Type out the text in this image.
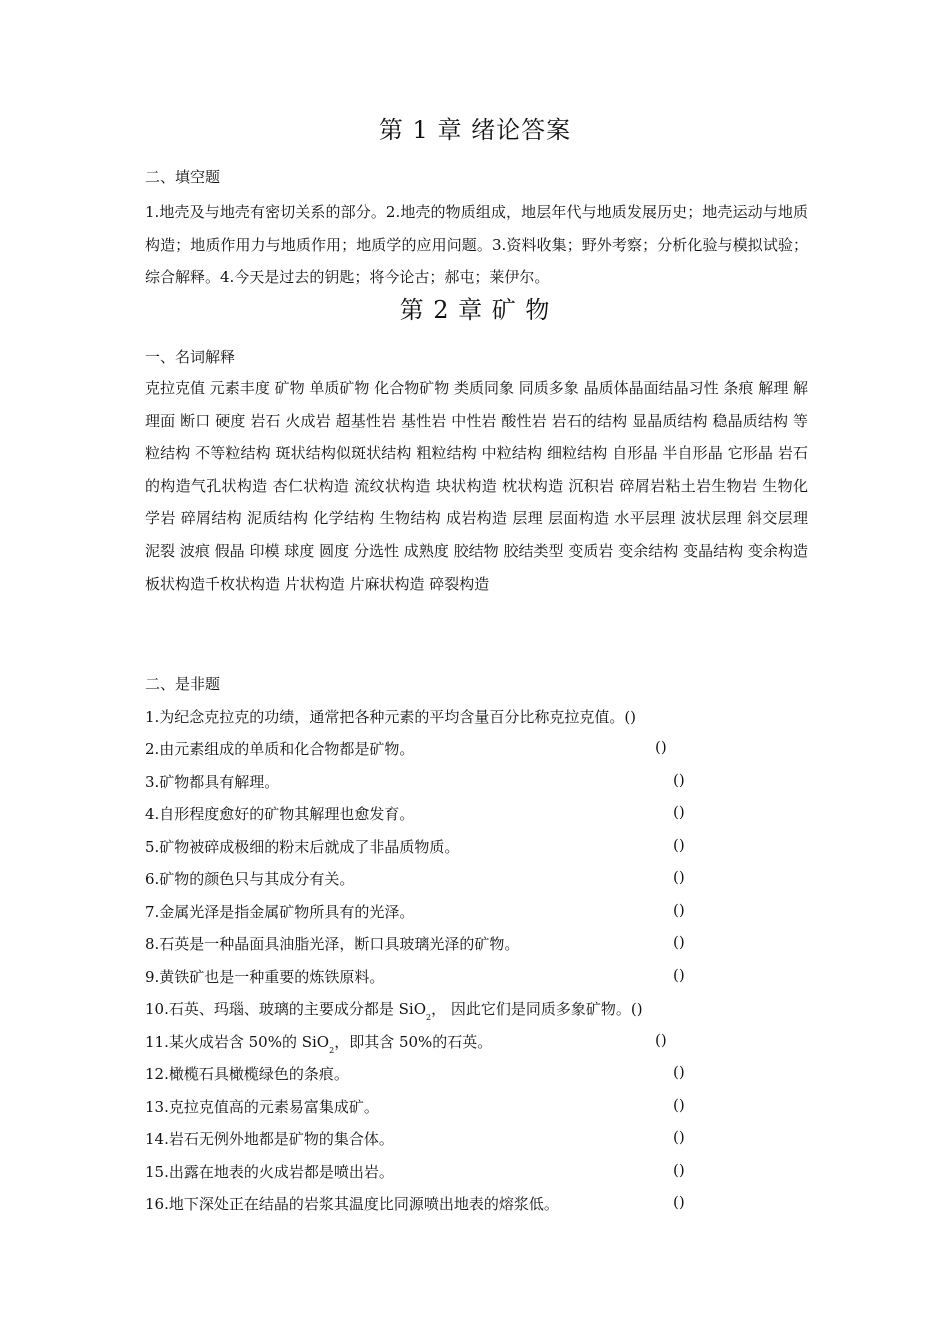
第 1 章 绪论答案
二、填空题
1.地壳及与地壳有密切关系的部分。2.地壳的物质组成，地层年代与地质发展历史；地壳运动与地质构造；地质作用力与地质作用；地质学的应用问题。3.资料收集；野外考察；分析化验与模拟试验；综合解释。4.今天是过去的钥匙；将今论古；郝屯；莱伊尔。
第 2 章 矿 物
一、名词解释
克拉克值 元素丰度 矿物 单质矿物 化合物矿物 类质同象 同质多象 晶质体晶面结晶习性 条痕 解理 解理面 断口 硬度 岩石 火成岩 超基性岩 基性岩 中性岩 酸性岩 岩石的结构 显晶质结构 稳晶质结构 等粒结构 不等粒结构 斑状结构似斑状结构 粗粒结构 中粒结构 细粒结构 自形晶 半自形晶 它形晶 岩石的构造气孔状构造 杏仁状构造 流纹状构造 块状构造 枕状构造 沉积岩 碎屑岩粘土岩生物岩 生物化学岩 碎屑结构 泥质结构 化学结构 生物结构 成岩构造 层理 层面构造 水平层理 波状层理 斜交层理 泥裂 波痕 假晶 印模 球度 圆度 分选性 成熟度 胶结物 胶结类型 变质岩 变余结构 变晶结构 变余构造 板状构造千枚状构造 片状构造 片麻状构造 碎裂构造
二、是非题
1.为纪念克拉克的功绩，通常把各种元素的平均含量百分比称克拉克值。()
2.由元素组成的单质和化合物都是矿物。	()
3.矿物都具有解理。	()
4.自形程度愈好的矿物其解理也愈发育。	()
5.矿物被碎成极细的粉末后就成了非晶质物质。	()
6.矿物的颜色只与其成分有关。	()
7.金属光泽是指金属矿物所具有的光泽。	()
8.石英是一种晶面具油脂光泽，断口具玻璃光泽的矿物。	()
9.黄铁矿也是一种重要的炼铁原料。	()
10.石英、玛瑙、玻璃的主要成分都是 SiO$_2$， 因此它们是同质多象矿物。()
11.某火成岩含 50%的 SiO$_2$，即其含 50%的石英。	()
12.橄榄石具橄榄绿色的条痕。	()
13.克拉克值高的元素易富集成矿。	()
14.岩石无例外地都是矿物的集合体。	()
15.出露在地表的火成岩都是喷出岩。	()
16.地下深处正在结晶的岩浆其温度比同源喷出地表的熔浆低。	()
